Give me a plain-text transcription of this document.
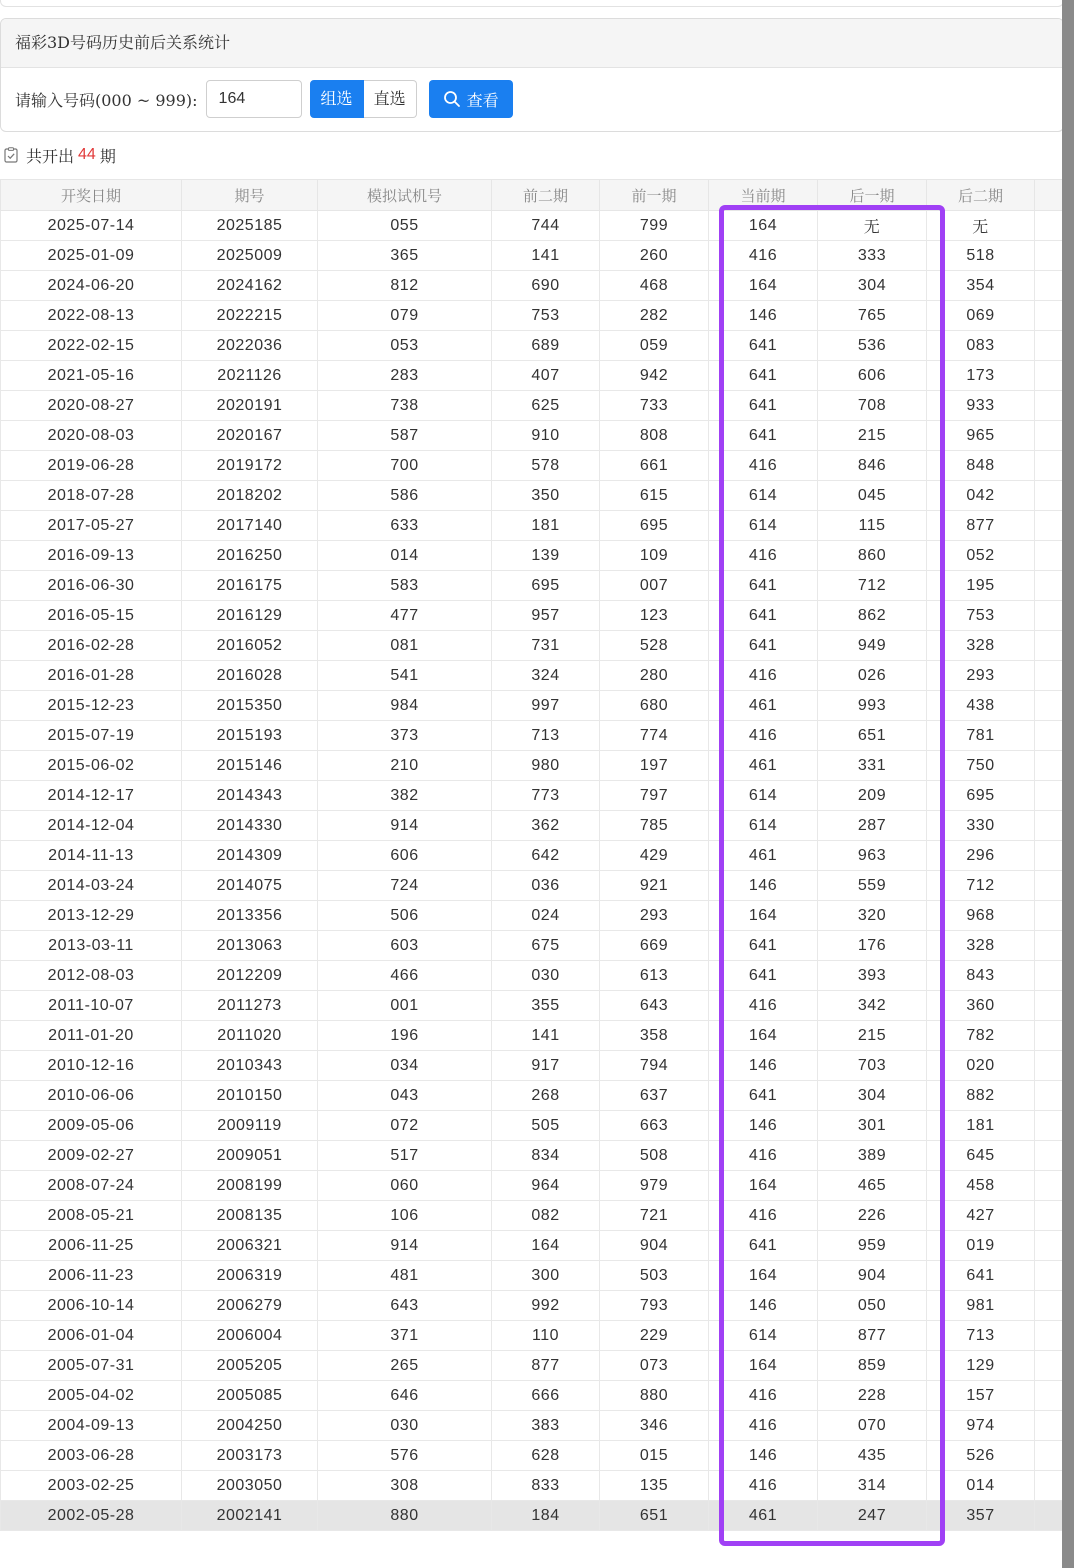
福彩3D号码历史前后关系统计
请输入号码(000 ~ 999):
164	组选	直选	查看
共开出 44 期
开奖日期	期号	模拟试机号	前二期	前一期	当前期	后一期	后二期	
2025-07-14	2025185	055	744	799	164	无	无	
2025-01-09	2025009	365	141	260	416	333	518	
2024-06-20	2024162	812	690	468	164	304	354	
2022-08-13	2022215	079	753	282	146	765	069	
2022-02-15	2022036	053	689	059	641	536	083	
2021-05-16	2021126	283	407	942	641	606	173	
2020-08-27	2020191	738	625	733	641	708	933	
2020-08-03	2020167	587	910	808	641	215	965	
2019-06-28	2019172	700	578	661	416	846	848	
2018-07-28	2018202	586	350	615	614	045	042	
2017-05-27	2017140	633	181	695	614	115	877	
2016-09-13	2016250	014	139	109	416	860	052	
2016-06-30	2016175	583	695	007	641	712	195	
2016-05-15	2016129	477	957	123	641	862	753	
2016-02-28	2016052	081	731	528	641	949	328	
2016-01-28	2016028	541	324	280	416	026	293	
2015-12-23	2015350	984	997	680	461	993	438	
2015-07-19	2015193	373	713	774	416	651	781	
2015-06-02	2015146	210	980	197	461	331	750	
2014-12-17	2014343	382	773	797	614	209	695	
2014-12-04	2014330	914	362	785	614	287	330	
2014-11-13	2014309	606	642	429	461	963	296	
2014-03-24	2014075	724	036	921	146	559	712	
2013-12-29	2013356	506	024	293	164	320	968	
2013-03-11	2013063	603	675	669	641	176	328	
2012-08-03	2012209	466	030	613	641	393	843	
2011-10-07	2011273	001	355	643	416	342	360	
2011-01-20	2011020	196	141	358	164	215	782	
2010-12-16	2010343	034	917	794	146	703	020	
2010-06-06	2010150	043	268	637	641	304	882	
2009-05-06	2009119	072	505	663	146	301	181	
2009-02-27	2009051	517	834	508	416	389	645	
2008-07-24	2008199	060	964	979	164	465	458	
2008-05-21	2008135	106	082	721	416	226	427	
2006-11-25	2006321	914	164	904	641	959	019	
2006-11-23	2006319	481	300	503	164	904	641	
2006-10-14	2006279	643	992	793	146	050	981	
2006-01-04	2006004	371	110	229	614	877	713	
2005-07-31	2005205	265	877	073	164	859	129	
2005-04-02	2005085	646	666	880	416	228	157	
2004-09-13	2004250	030	383	346	416	070	974	
2003-06-28	2003173	576	628	015	146	435	526	
2003-02-25	2003050	308	833	135	416	314	014	
2002-05-28	2002141	880	184	651	461	247	357	
